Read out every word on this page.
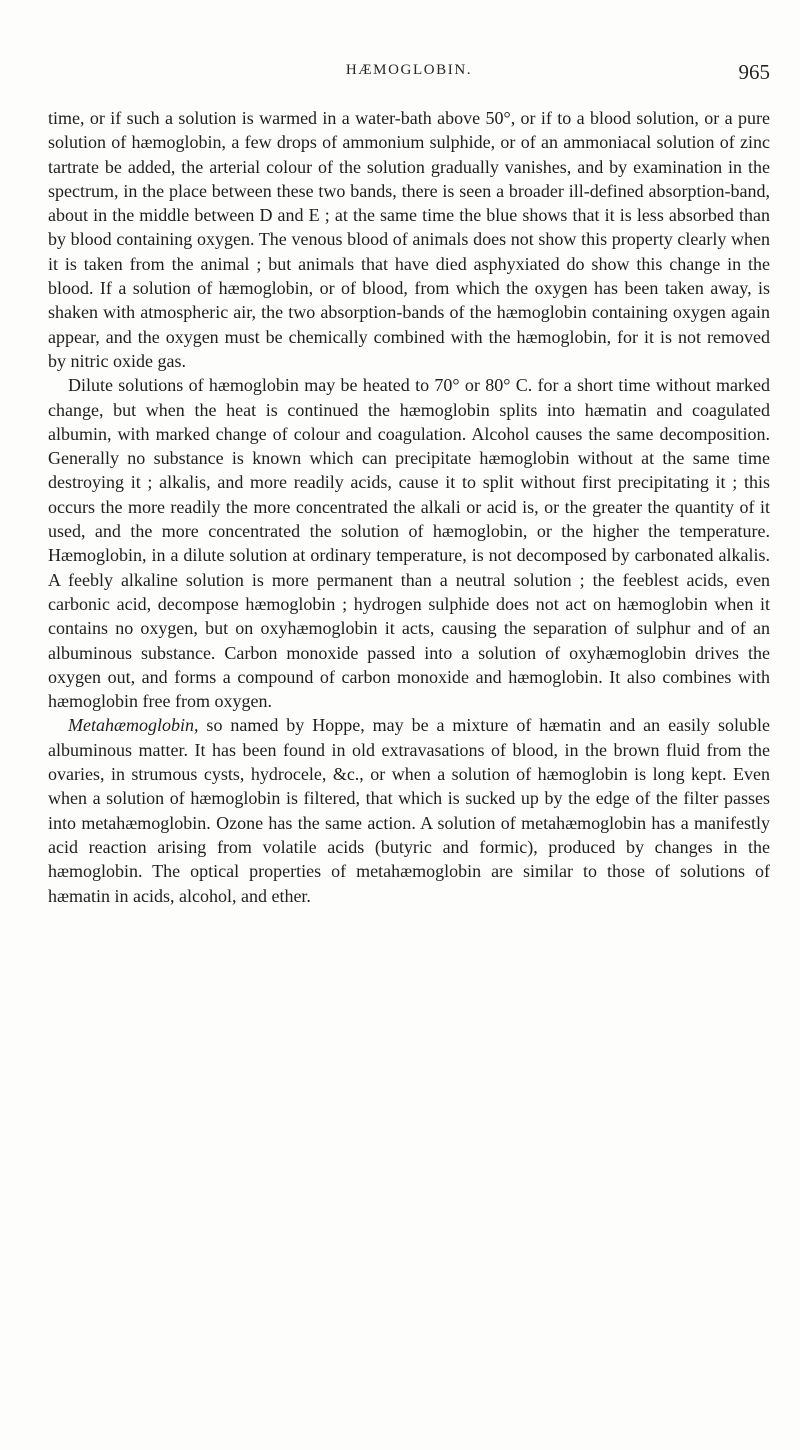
HÆMOGLOBIN.	965

time, or if such a solution is warmed in a water-bath above 50°, or if to a blood solution, or a pure solution of hæmoglobin, a few drops of ammonium sulphide, or of an ammoniacal solution of zinc tartrate be added, the arterial colour of the solution gradually vanishes, and by examination in the spectrum, in the place between these two bands, there is seen a broader ill-defined absorption-band, about in the middle between D and E ; at the same time the blue shows that it is less absorbed than by blood containing oxygen. The venous blood of animals does not show this property clearly when it is taken from the animal ; but animals that have died asphyxiated do show this change in the blood. If a solution of hæmoglobin, or of blood, from which the oxygen has been taken away, is shaken with atmospheric air, the two absorption-bands of the hæmoglobin containing oxygen again appear, and the oxygen must be chemically combined with the hæmoglobin, for it is not removed by nitric oxide gas.

Dilute solutions of hæmoglobin may be heated to 70° or 80° C. for a short time without marked change, but when the heat is continued the hæmoglobin splits into hæmatin and coagulated albumin, with marked change of colour and coagulation. Alcohol causes the same decomposition. Generally no substance is known which can precipitate hæmoglobin without at the same time destroying it ; alkalis, and more readily acids, cause it to split without first precipitating it ; this occurs the more readily the more concentrated the alkali or acid is, or the greater the quantity of it used, and the more concentrated the solution of hæmoglobin, or the higher the temperature. Hæmoglobin, in a dilute solution at ordinary temperature, is not decomposed by carbonated alkalis. A feebly alkaline solution is more permanent than a neutral solution ; the feeblest acids, even carbonic acid, decompose hæmoglobin ; hydrogen sulphide does not act on hæmoglobin when it contains no oxygen, but on oxyhæmoglobin it acts, causing the separation of sulphur and of an albuminous substance. Carbon monoxide passed into a solution of oxyhæmoglobin drives the oxygen out, and forms a compound of carbon monoxide and hæmoglobin. It also combines with hæmoglobin free from oxygen.

Metahæmoglobin, so named by Hoppe, may be a mixture of hæmatin and an easily soluble albuminous matter. It has been found in old extravasations of blood, in the brown fluid from the ovaries, in strumous cysts, hydrocele, &c., or when a solution of hæmoglobin is long kept. Even when a solution of hæmoglobin is filtered, that which is sucked up by the edge of the filter passes into metahæmoglobin. Ozone has the same action. A solution of metahæmoglobin has a manifestly acid reaction arising from volatile acids (butyric and formic), produced by changes in the hæmoglobin. The optical properties of metahæmoglobin are similar to those of solutions of hæmatin in acids, alcohol, and ether.
